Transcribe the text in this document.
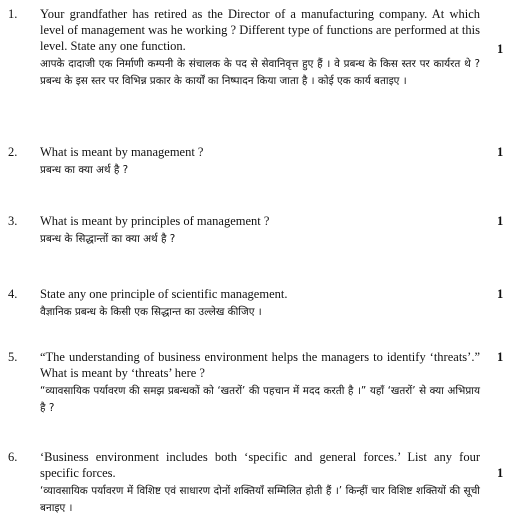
1. Your grandfather has retired as the Director of a manufacturing company. At which level of management was he working ? Different type of functions are performed at this level. State any one function.
आपके दादाजी एक निर्माणी कम्पनी के संचालक के पद से सेवानिवृत्त हुए हैं । वे प्रबन्ध के किस स्तर पर कार्यरत थे ? प्रबन्ध के इस स्तर पर विभिन्न प्रकार के कार्यों का निष्पादन किया जाता है । कोई एक कार्य बताइए ।
1
2. What is meant by management ?
प्रबन्ध का क्या अर्थ है ?
1
3. What is meant by principles of management ?
प्रबन्ध के सिद्धान्तों का क्या अर्थ है ?
1
4. State any one principle of scientific management.
वैज्ञानिक प्रबन्ध के किसी एक सिद्धान्त का उल्लेख कीजिए ।
1
5. “The understanding of business environment helps the managers to identify ‘threats’.” What is meant by ‘threats’ here ?
“व्यावसायिक पर्यावरण की समझ प्रबन्धकों को ‘खतरों’ की पहचान में मदद करती है ।” यहाँ ‘खतरों’ से क्या अभिप्राय है ?
1
6. ‘Business environment includes both ‘specific and general forces.’ List any four specific forces.
‘व्यावसायिक पर्यावरण में विशिष्ट एवं साधारण दोनों शक्तियाँ सम्मिलित होती हैं ।’ किन्हीं चार विशिष्ट शक्तियों की सूची बनाइए ।
1
